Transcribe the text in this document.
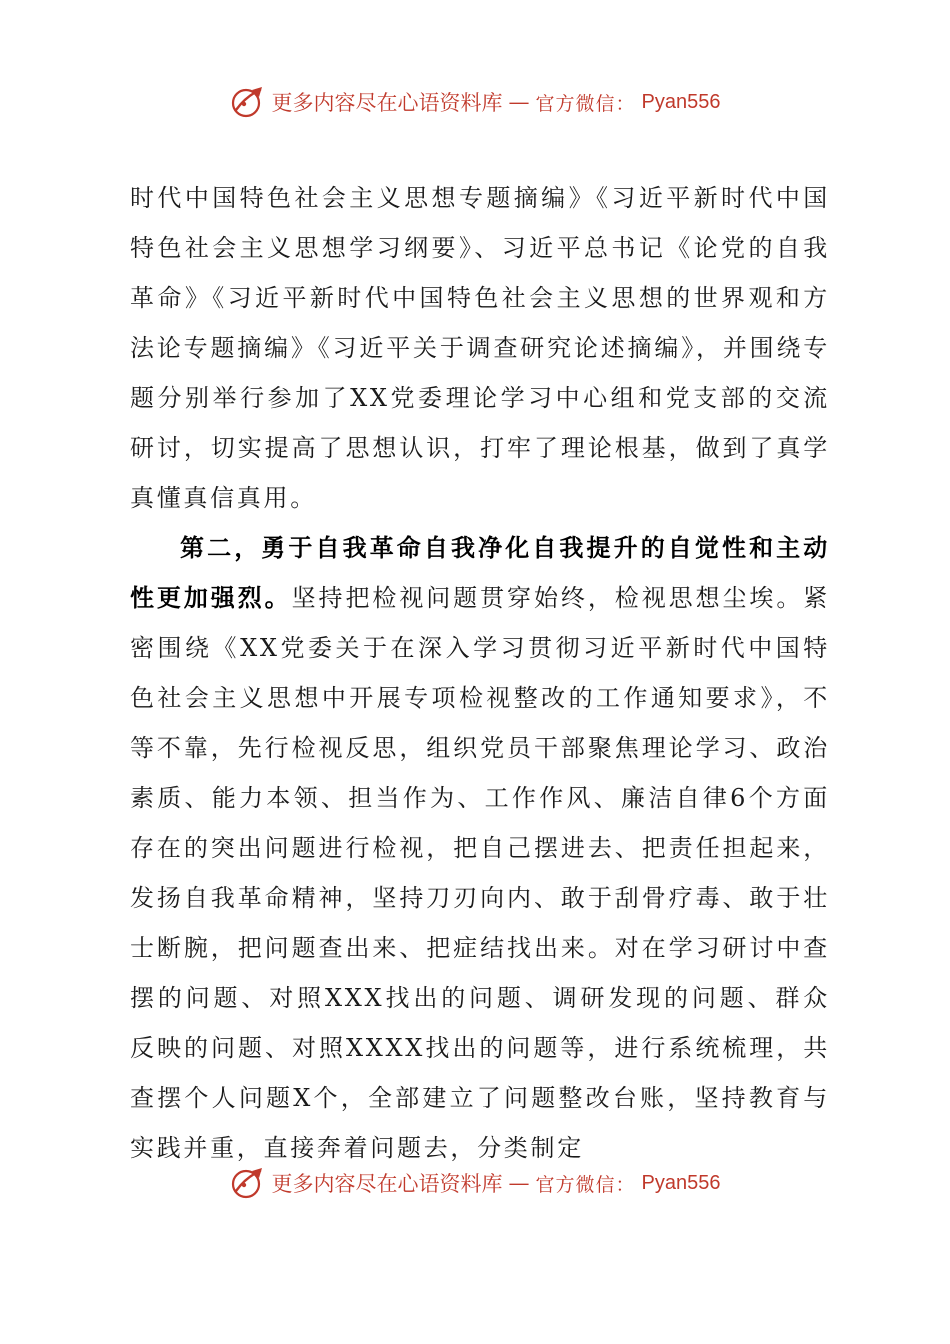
更多内容尽在心语资料库 — 官方微信： Pyan556

时代中国特色社会主义思想专题摘编》《习近平新时代中国特色社会主义思想学习纲要》、习近平总书记《论党的自我革命》《习近平新时代中国特色社会主义思想的世界观和方法论专题摘编》《习近平关于调查研究论述摘编》，并围绕专题分别举行参加了XX党委理论学习中心组和党支部的交流研讨，切实提高了思想认识，打牢了理论根基，做到了真学真懂真信真用。

第二，勇于自我革命自我净化自我提升的自觉性和主动性更加强烈。坚持把检视问题贯穿始终，检视思想尘埃。紧密围绕《XX党委关于在深入学习贯彻习近平新时代中国特色社会主义思想中开展专项检视整改的工作通知要求》，不等不靠，先行检视反思，组织党员干部聚焦理论学习、政治素质、能力本领、担当作为、工作作风、廉洁自律6个方面存在的突出问题进行检视，把自己摆进去、把责任担起来，发扬自我革命精神，坚持刀刃向内、敢于刮骨疗毒、敢于壮士断腕，把问题查出来、把症结找出来。对在学习研讨中查摆的问题、对照XXX找出的问题、调研发现的问题、群众反映的问题、对照XXXX找出的问题等，进行系统梳理，共查摆个人问题X个，全部建立了问题整改台账，坚持教育与实践并重，直接奔着问题去，分类制定

更多内容尽在心语资料库 — 官方微信： Pyan556
